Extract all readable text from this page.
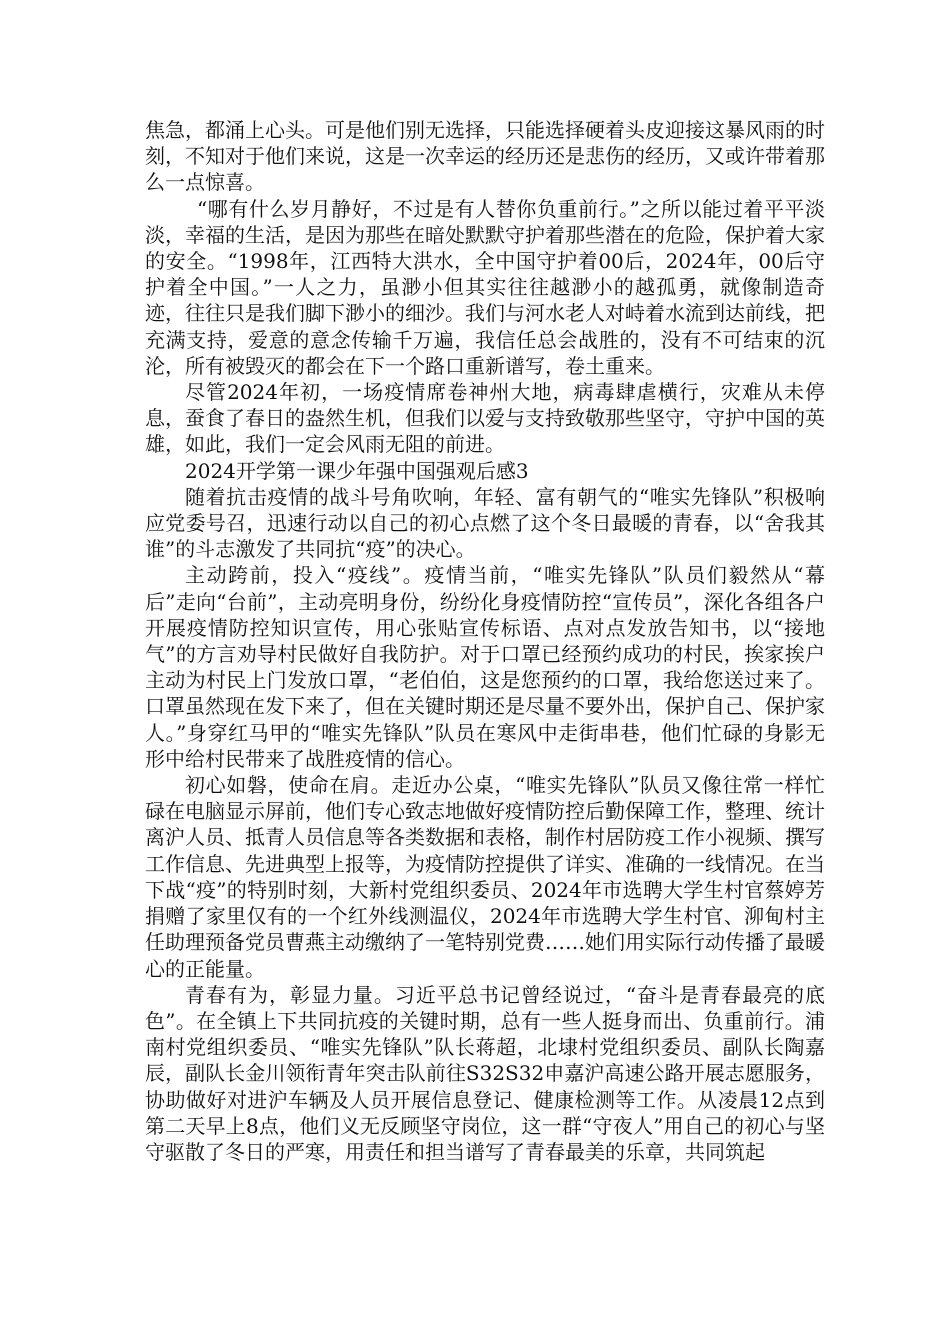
焦急，都涌上心头。可是他们别无选择，只能选择硬着头皮迎接这暴风雨的时刻，不知对于他们来说，这是一次幸运的经历还是悲伤的经历，又或许带着那么一点惊喜。

“哪有什么岁月静好，不过是有人替你负重前行。”之所以能过着平平淡淡，幸福的生活，是因为那些在暗处默默守护着那些潜在的危险，保护着大家的安全。“1998年，江西特大洪水，全中国守护着00后，2024年，00后守护着全中国。”一人之力，虽渺小但其实往往越渺小的越孤勇，就像制造奇迹，往往只是我们脚下渺小的细沙。我们与河水老人对峙着水流到达前线，把充满支持，爱意的意念传输千万遍，我信任总会战胜的，没有不可结束的沉沦，所有被毁灭的都会在下一个路口重新谱写，卷土重来。

尽管2024年初，一场疫情席卷神州大地，病毒肆虐横行，灾难从未停息，蚕食了春日的盎然生机，但我们以爱与支持致敬那些坚守，守护中国的英雄，如此，我们一定会风雨无阻的前进。

2024开学第一课少年强中国强观后感3

随着抗击疫情的战斗号角吹响，年轻、富有朝气的“唯实先锋队”积极响应党委号召，迅速行动以自己的初心点燃了这个冬日最暖的青春，以“舍我其谁”的斗志激发了共同抗“疫”的决心。

主动跨前，投入“疫线”。疫情当前，“唯实先锋队”队员们毅然从“幕后”走向“台前”，主动亮明身份，纷纷化身疫情防控“宣传员”，深化各组各户开展疫情防控知识宣传，用心张贴宣传标语、点对点发放告知书，以“接地气”的方言劝导村民做好自我防护。对于口罩已经预约成功的村民，挨家挨户主动为村民上门发放口罩，“老伯伯，这是您预约的口罩，我给您送过来了。口罩虽然现在发下来了，但在关键时期还是尽量不要外出，保护自己、保护家人。”身穿红马甲的“唯实先锋队”队员在寒风中走街串巷，他们忙碌的身影无形中给村民带来了战胜疫情的信心。

初心如磐，使命在肩。走近办公桌，“唯实先锋队”队员又像往常一样忙碌在电脑显示屏前，他们专心致志地做好疫情防控后勤保障工作，整理、统计离沪人员、抵青人员信息等各类数据和表格，制作村居防疫工作小视频、撰写工作信息、先进典型上报等，为疫情防控提供了详实、准确的一线情况。在当下战“疫”的特别时刻，大新村党组织委员、2024年市选聘大学生村官蔡婷芳捐赠了家里仅有的一个红外线测温仪，2024年市选聘大学生村官、泖甸村主任助理预备党员曹燕主动缴纳了一笔特别党费……她们用实际行动传播了最暖心的正能量。

青春有为，彰显力量。习近平总书记曾经说过，“奋斗是青春最亮的底色”。在全镇上下共同抗疫的关键时期，总有一些人挺身而出、负重前行。浦南村党组织委员、“唯实先锋队”队长蒋超，北埭村党组织委员、副队长陶嘉辰，副队长金川领衔青年突击队前往S32S32申嘉沪高速公路开展志愿服务，协助做好对进沪车辆及人员开展信息登记、健康检测等工作。从凌晨12点到第二天早上8点，他们义无反顾坚守岗位，这一群“守夜人”用自己的初心与坚守驱散了冬日的严寒，用责任和担当谱写了青春最美的乐章，共同筑起
